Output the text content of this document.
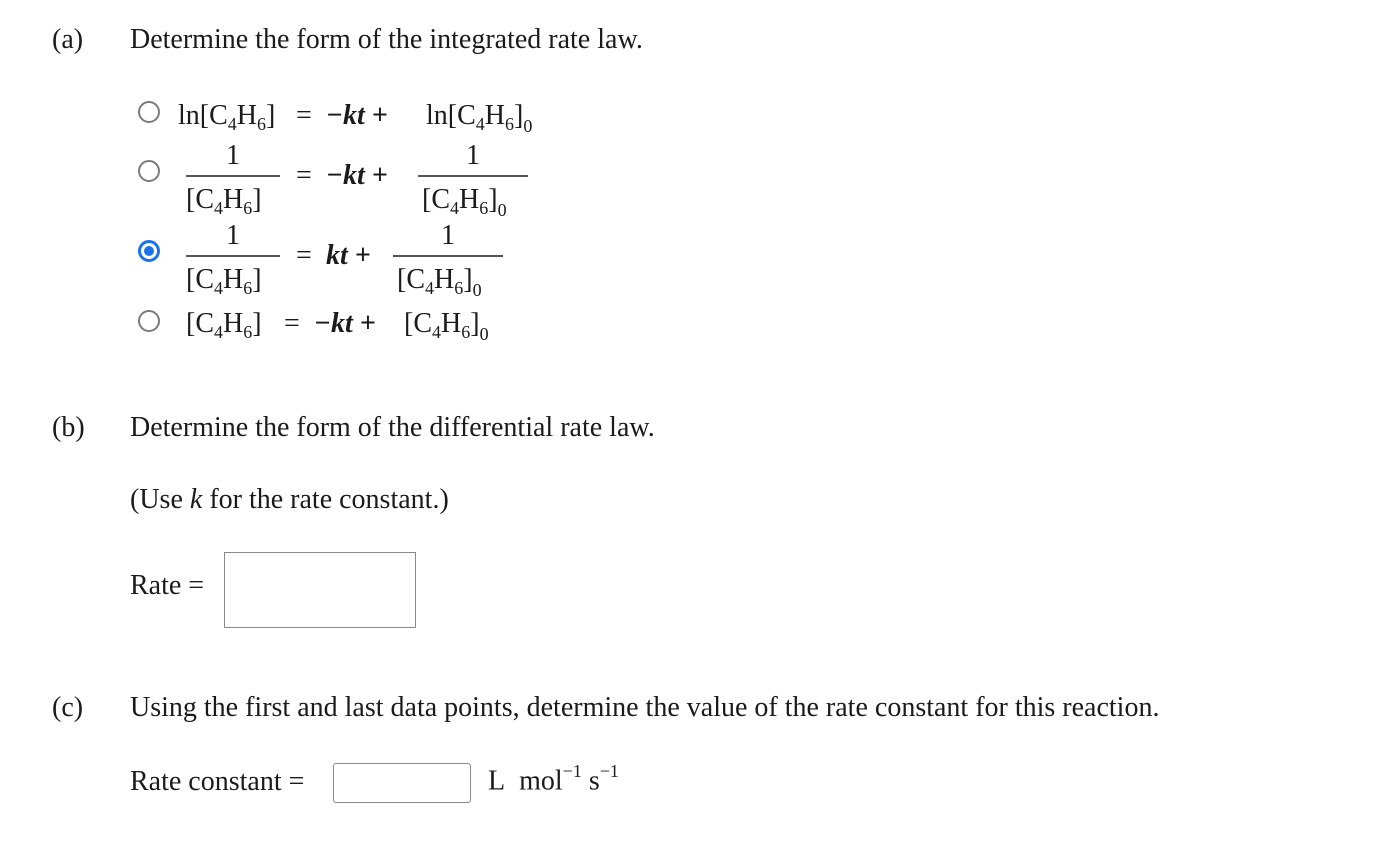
(a) Determine the form of the integrated rate law.
$\ln[C_4H_6] = -kt + \ln[C_4H_6]_0$
1
$[C_4H_6]$
= −kt +
1
$[C_4H_6]_0$
1
$[C_4H_6]$
= kt +
1
$[C_4H_6]_0$
$[C_4H_6] = -kt + [C_4H_6]_0$
(b) Determine the form of the differential rate law.
(Use k for the rate constant.)
Rate =
(c) Using the first and last data points, determine the value of the rate constant for this reaction.
Rate constant =	L mol$^{-1}$ $s^{-1}$
